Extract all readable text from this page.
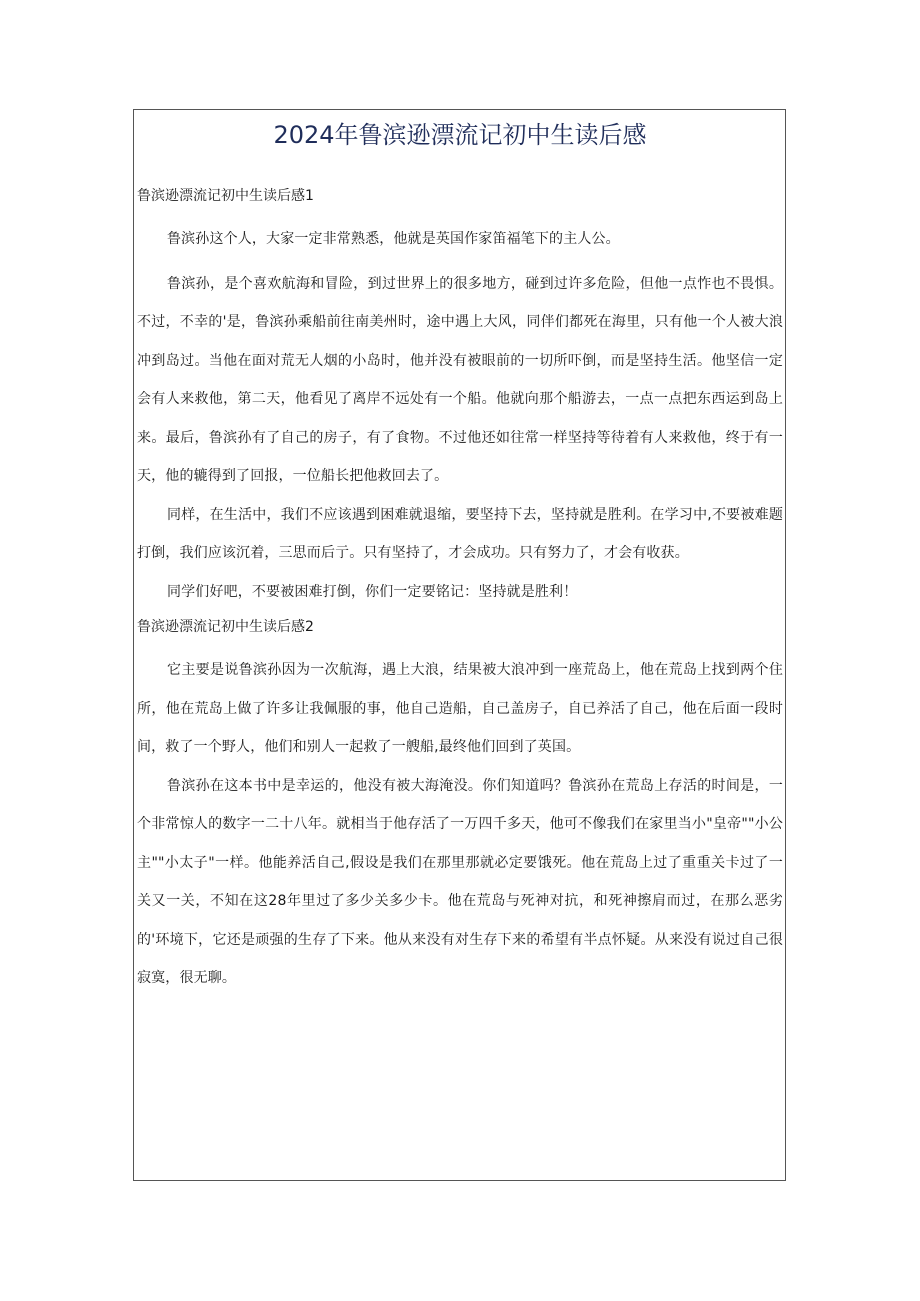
2024年鲁滨逊漂流记初中生读后感
鲁滨逊漂流记初中生读后感1

鲁滨孙这个人，大家一定非常熟悉，他就是英国作家笛福笔下的主人公。

鲁滨孙，是个喜欢航海和冒险，到过世界上的很多地方，碰到过许多危险，但他一点怍也不畏惧。不过，不幸的'是，鲁滨孙乘船前往南美州时，途中遇上大风，同伴们都死在海里，只有他一个人被大浪冲到岛过。当他在面对荒无人烟的小岛时，他并没有被眼前的一切所吓倒，而是坚持生活。他坚信一定会有人来救他，第二天，他看见了离岸不远处有一个船。他就向那个船游去，一点一点把东西运到岛上来。最后，鲁滨孙有了自己的房子，有了食物。不过他还如往常一样坚持等待着有人来救他，终于有一天，他的辘得到了回报，一位船长把他救回去了。

同样，在生活中，我们不应该遇到困难就退缩，要坚持下去，坚持就是胜利。在学习中,不要被难题打倒，我们应该沉着，三思而后亍。只有坚持了，才会成功。只有努力了，才会有收获。

同学们好吧，不要被困难打倒，你们一定要铭记：坚持就是胜利！

鲁滨逊漂流记初中生读后感2

它主要是说鲁滨孙因为一次航海，遇上大浪，结果被大浪冲到一座荒岛上，他在荒岛上找到两个住所，他在荒岛上做了许多让我佩服的事，他自己造船，自己盖房子，自已养活了自己，他在后面一段时间，救了一个野人，他们和别人一起救了一艘船,最终他们回到了英国。

鲁滨孙在这本书中是幸运的，他没有被大海淹没。你们知道吗？鲁滨孙在荒岛上存活的时间是，一个非常惊人的数字一二十八年。就相当于他存活了一万四千多天，他可不像我们在家里当小"皇帝""小公主""小太子"一样。他能养活自己,假设是我们在那里那就必定要饿死。他在荒岛上过了重重关卡过了一关又一关，不知在这28年里过了多少关多少卡。他在荒岛与死神对抗，和死神擦肩而过，在那么恶劣的'环境下，它还是顽强的生存了下来。他从来没有对生存下来的希望有半点怀疑。从来没有说过自己很寂寞，很无聊。
